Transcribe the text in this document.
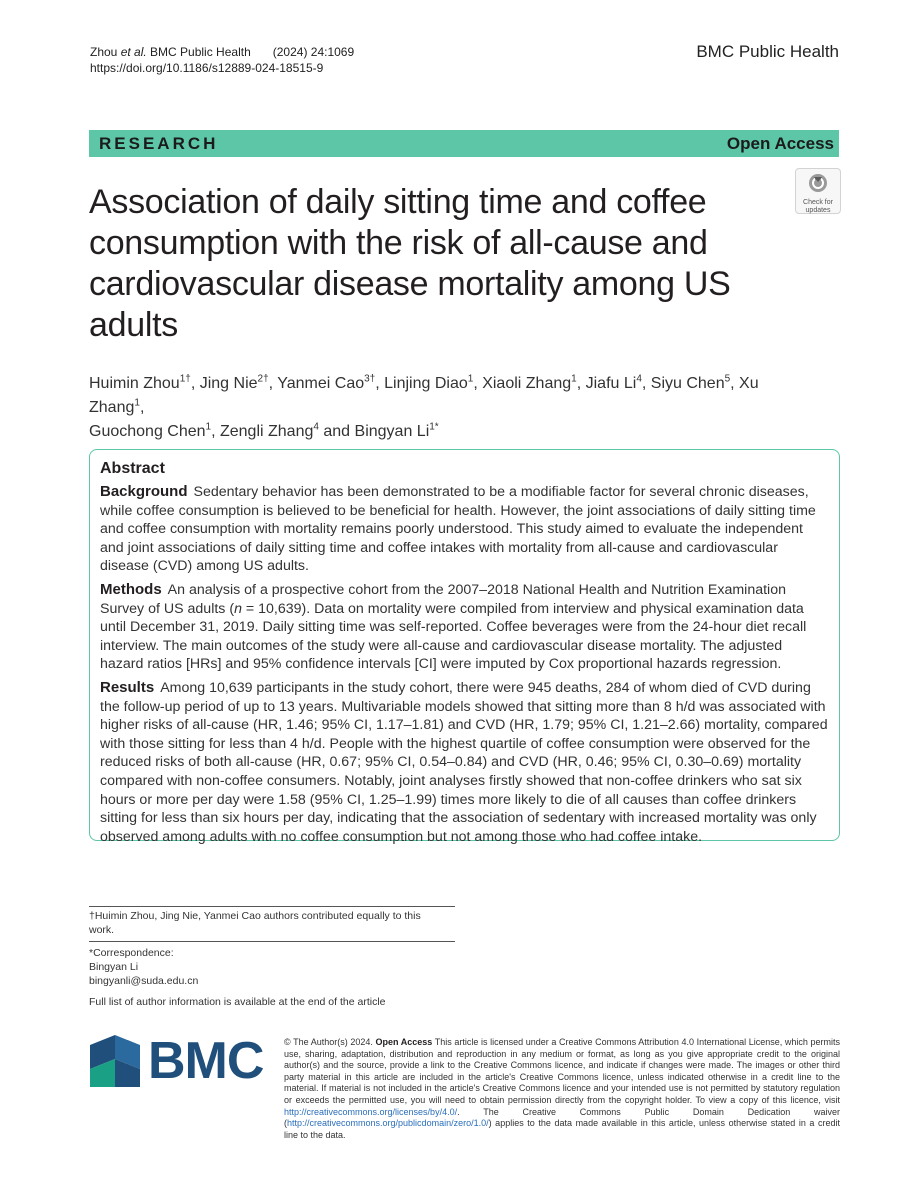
Zhou et al. BMC Public Health (2024) 24:1069
https://doi.org/10.1186/s12889-024-18515-9
BMC Public Health
RESEARCH	Open Access
Check for
updates
Association of daily sitting time and coffee consumption with the risk of all-cause and cardiovascular disease mortality among US adults
Huimin Zhou$^{1\dagger}$, Jing Nie$^{2\dagger}$, Yanmei Cao$^{3\dagger}$, Linjing Diao$^1$, Xiaoli Zhang$^1$, Jiafu Li$^4$, Siyu Chen$^5$, Xu Zhang$^1$,
Guochong Chen$^1$, Zengli Zhang$^4$ and Bingyan $Li^{1*}$
Abstract

Background Sedentary behavior has been demonstrated to be a modifiable factor for several chronic diseases, while coffee consumption is believed to be beneficial for health. However, the joint associations of daily sitting time and coffee consumption with mortality remains poorly understood. This study aimed to evaluate the independent and joint associations of daily sitting time and coffee intakes with mortality from all-cause and cardiovascular disease (CVD) among US adults.

Methods An analysis of a prospective cohort from the 2007–2018 National Health and Nutrition Examination Survey of US adults (n = 10,639). Data on mortality were compiled from interview and physical examination data until December 31, 2019. Daily sitting time was self-reported. Coffee beverages were from the 24-hour diet recall interview. The main outcomes of the study were all-cause and cardiovascular disease mortality. The adjusted hazard ratios [HRs] and 95% confidence intervals [CI] were imputed by Cox proportional hazards regression.

Results Among 10,639 participants in the study cohort, there were 945 deaths, 284 of whom died of CVD during the follow-up period of up to 13 years. Multivariable models showed that sitting more than 8 h/d was associated with higher risks of all-cause (HR, 1.46; 95% CI, 1.17–1.81) and CVD (HR, 1.79; 95% CI, 1.21–2.66) mortality, compared with those sitting for less than 4 h/d. People with the highest quartile of coffee consumption were observed for the reduced risks of both all-cause (HR, 0.67; 95% CI, 0.54–0.84) and CVD (HR, 0.46; 95% CI, 0.30–0.69) mortality compared with non-coffee consumers. Notably, joint analyses firstly showed that non-coffee drinkers who sat six hours or more per day were 1.58 (95% CI, 1.25–1.99) times more likely to die of all causes than coffee drinkers sitting for less than six hours per day, indicating that the association of sedentary with increased mortality was only observed among adults with no coffee consumption but not among those who had coffee intake.

†Huimin Zhou, Jing Nie, Yanmei Cao authors contributed equally to this work.
*Correspondence:
Bingyan Li
bingyanli@suda.edu.cn
Full list of author information is available at the end of the article
BMC © The Author(s) 2024. Open Access This article is licensed under a Creative Commons Attribution 4.0 International License, which permits use, sharing, adaptation, distribution and reproduction in any medium or format, as long as you give appropriate credit to the original author(s) and the source, provide a link to the Creative Commons licence, and indicate if changes were made. The images or other third party material in this article are included in the article's Creative Commons licence, unless indicated otherwise in a credit line to the material. If material is not included in the article's Creative Commons licence and your intended use is not permitted by statutory regulation or exceeds the permitted use, you will need to obtain permission directly from the copyright holder. To view a copy of this licence, visit http://creativecommons.org/licenses/by/4.0/. The Creative Commons Public Domain Dedication waiver (http://creativecommons.org/publicdomain/zero/1.0/) applies to the data made available in this article, unless otherwise stated in a credit line to the data.
